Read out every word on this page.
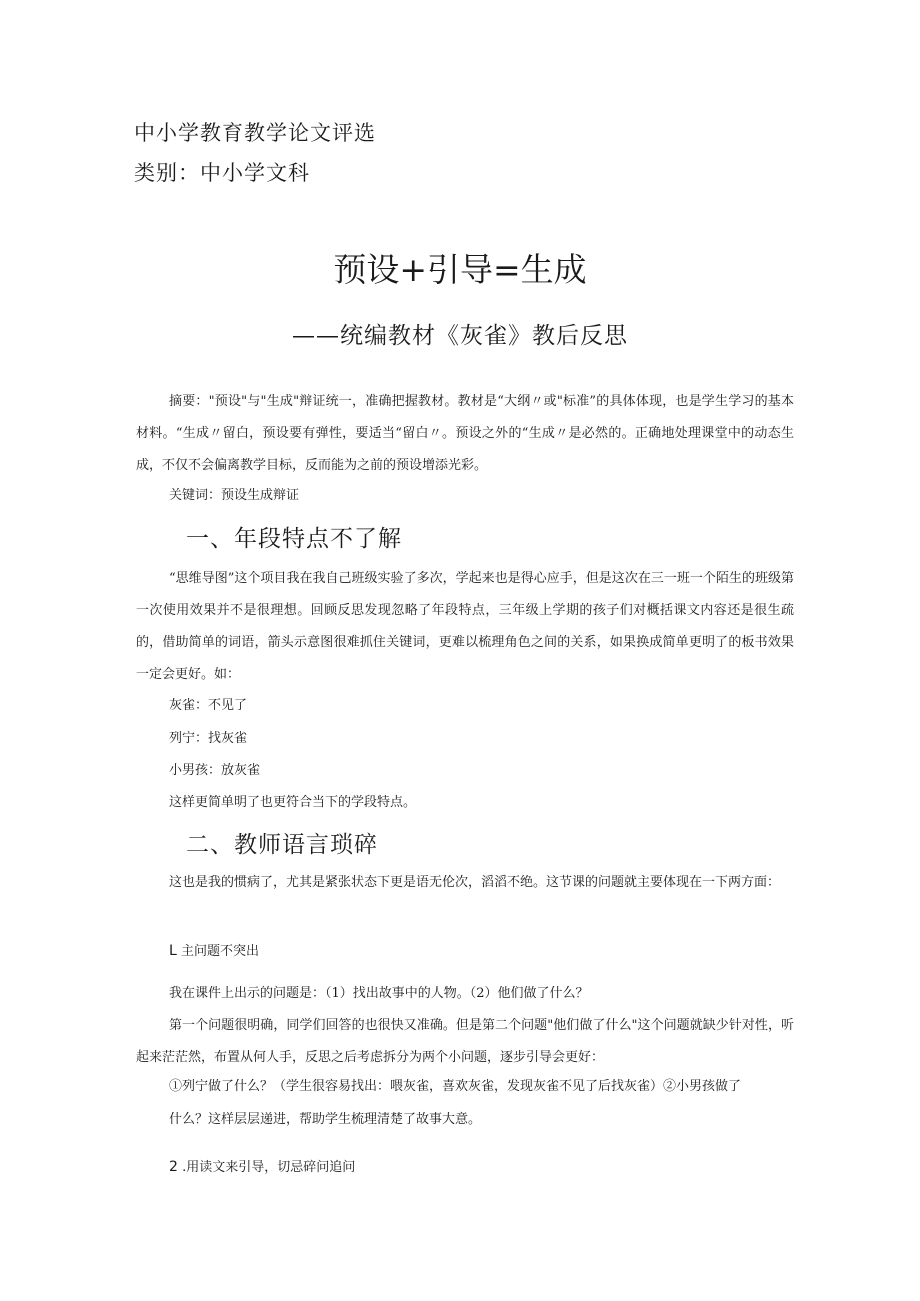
中小学教育教学论文评选
类别：中小学文科
预设+引导=生成
——统编教材《灰雀》教后反思
摘要："预设"与"生成"辩证统一，准确把握教材。教材是“大纲〃或"标准”的具体体现，也是学生学习的基本材料。“生成〃留白，预设要有弹性，要适当“留白〃。预设之外的“生成〃是必然的。正确地处理课堂中的动态生成，不仅不会偏离教学目标，反而能为之前的预设增添光彩。
关键词：预设生成辩证
一、年段特点不了解
“思维导图”这个项目我在我自己班级实验了多次，学起来也是得心应手，但是这次在三一班一个陌生的班级第一次使用效果并不是很理想。回顾反思发现忽略了年段特点，三年级上学期的孩子们对概括课文内容还是很生疏的，借助简单的词语，箭头示意图很难抓住关键词，更难以梳理角色之间的关系，如果换成简单更明了的板书效果一定会更好。如：
灰雀：不见了
列宁：找灰雀
小男孩：放灰雀
这样更简单明了也更符合当下的学段特点。
二、教师语言琐碎
这也是我的惯病了，尤其是紧张状态下更是语无伦次，滔滔不绝。这节课的问题就主要体现在一下两方面：
L 主问题不突出
我在课件上出示的问题是：（1）找出故事中的人物。（2）他们做了什么？
第一个问题很明确，同学们回答的也很快又准确。但是第二个问题"他们做了什么"这个问题就缺少针对性，听起来茫茫然，布置从何人手，反思之后考虑拆分为两个小问题，逐步引导会更好：
①列宁做了什么？（学生很容易找出：喂灰雀，喜欢灰雀，发现灰雀不见了后找灰雀）②小男孩做了
什么？这样层层递进，帮助学生梳理清楚了故事大意。
2 .用读文来引导，切忌碎问追问
